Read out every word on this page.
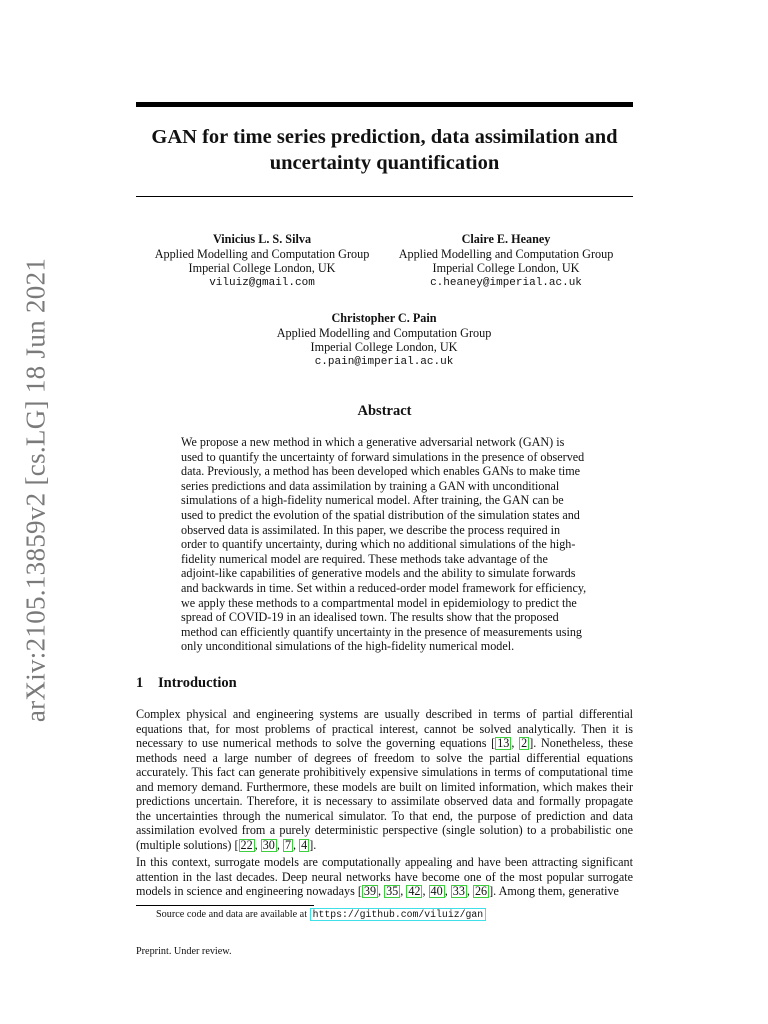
arXiv:2105.13859v2 [cs.LG] 18 Jun 2021
GAN for time series prediction, data assimilation and uncertainty quantification
Vinicius L. S. Silva
Applied Modelling and Computation Group
Imperial College London, UK
viluiz@gmail.com
Claire E. Heaney
Applied Modelling and Computation Group
Imperial College London, UK
c.heaney@imperial.ac.uk
Christopher C. Pain
Applied Modelling and Computation Group
Imperial College London, UK
c.pain@imperial.ac.uk
Abstract
We propose a new method in which a generative adversarial network (GAN) is used to quantify the uncertainty of forward simulations in the presence of observed data. Previously, a method has been developed which enables GANs to make time series predictions and data assimilation by training a GAN with unconditional simulations of a high-fidelity numerical model. After training, the GAN can be used to predict the evolution of the spatial distribution of the simulation states and observed data is assimilated. In this paper, we describe the process required in order to quantify uncertainty, during which no additional simulations of the high-fidelity numerical model are required. These methods take advantage of the adjoint-like capabilities of generative models and the ability to simulate forwards and backwards in time. Set within a reduced-order model framework for efficiency, we apply these methods to a compartmental model in epidemiology to predict the spread of COVID-19 in an idealised town. The results show that the proposed method can efficiently quantify uncertainty in the presence of measurements using only unconditional simulations of the high-fidelity numerical model.
1 Introduction
Complex physical and engineering systems are usually described in terms of partial differential equations that, for most problems of practical interest, cannot be solved analytically. Then it is necessary to use numerical methods to solve the governing equations [ 13 , 2 ]. Nonetheless, these methods need a large number of degrees of freedom to solve the partial differential equations accurately. This fact can generate prohibitively expensive simulations in terms of computational time and memory demand. Furthermore, these models are built on limited information, which makes their predictions uncertain. Therefore, it is necessary to assimilate observed data and formally propagate the uncertainties through the numerical simulator. To that end, the purpose of prediction and data assimilation evolved from a purely deterministic perspective (single solution) to a probabilistic one (multiple solutions) [ 22 , 30 , 7 , 4 ].
In this context, surrogate models are computationally appealing and have been attracting significant attention in the last decades. Deep neural networks have become one of the most popular surrogate models in science and engineering nowadays [ 39 , 35 , 42 , 40 , 33 , 26 ]. Among them, generative
Source code and data are available at https://github.com/viluiz/gan
Preprint. Under review.
